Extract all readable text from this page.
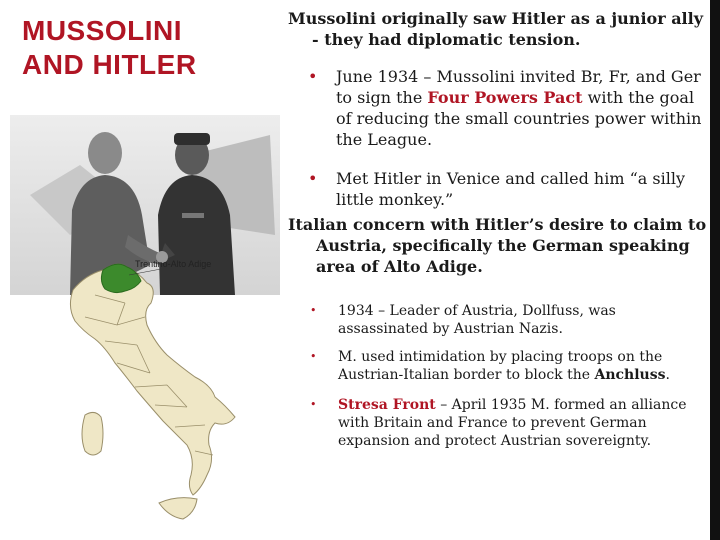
MUSSOLINI
AND HITLER
Trentino-Alto Adige
Mussolini originally saw Hitler as a junior ally
- they had diplomatic tension.
•	June 1934 – Mussolini invited Br, Fr, and Ger to sign the Four Powers Pact with the goal of reducing the small countries power within the League.
•	Met Hitler in Venice and called him “a silly little monkey.”
Italian concern with Hitler’s desire to claim to
Austria, specifically the German speaking area of Alto Adige.
•	1934 – Leader of Austria, Dollfuss, was assassinated by Austrian Nazis.
•	M. used intimidation by placing troops on the Austrian-Italian border to block the Anchluss.
•	Stresa Front – April 1935 M. formed an alliance with Britain and France to prevent German expansion and protect Austrian sovereignty.
